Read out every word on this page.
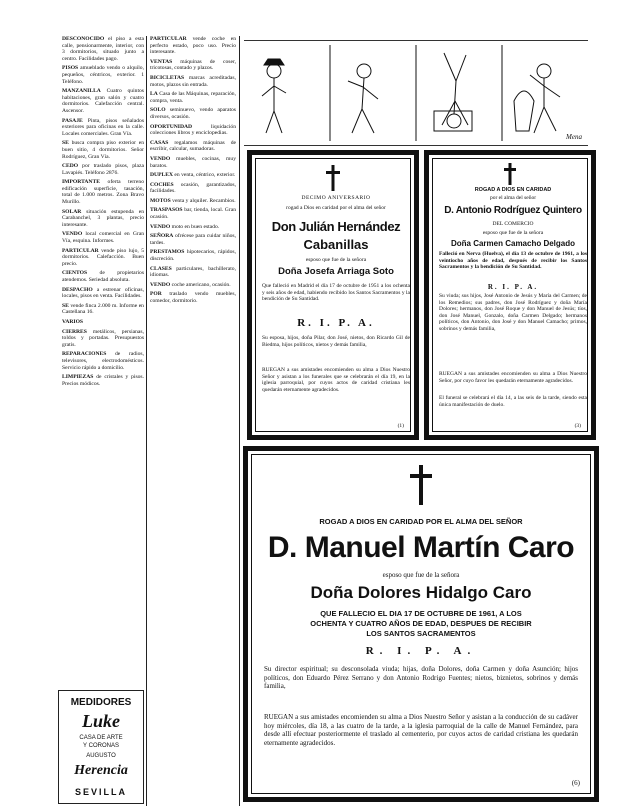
DESCONOCIDO el piso a esta calle, pensionarmente, interior, con 3 dormitorios, situado junto a centro. Facilidades pago.

PISOS amueblado vendo o alquilo, pequeños, céntricos, exterior. 1 Teléfono.

MANZANILLA Cuatro quintos habitaciones, gran salón y cuatro dormitorios. Calefacción central. Ascensor.

PASAJE Pinta, pisos señalados exteriores para oficinas en la calle. Locales comerciales. Gran Vía.

SE busca compra piso exterior en buen sitio, 4 dormitorios. Señor Rodríguez, Gran Vía.

CEDO por traslado pisos, plaza Lavapiés. Teléfono 2876.

IMPORTANTE oferta terreno edificación superficie, tasación, total de 1.000 metros. Zona Bravo Murillo.

SOLAR situación estupenda en Carabanchel, 3 plantas, precio interesante.

VENDO local comercial en Gran Vía, esquina. Informes.

PARTICULAR vende piso lujo, 5 dormitorios. Calefacción. Buen precio.

CIENTOS de propietarios atendemos. Seriedad absoluta.

DESPACHO a estrenar oficinas, locales, pisos en venta. Facilidades.

SE vende finca 2.000 m. Informe en Castellana 16.

VARIOS

CIERRES metálicos, persianas, toldos y portadas. Presupuestos gratis.

REPARACIONES de radios, televisores, electrodomésticos. Servicio rápido a domicilio.

LIMPIEZAS de cristales y pisos. Precios módicos.

PARTICULAR vende coche en perfecto estado, poco uso. Precio interesante.

VENTAS máquinas de coser, tricotosas, contado y plazos.

BICICLETAS marcas acreditadas, motos, plazos sin entrada.

LA Casa de las Máquinas, reparación, compra, venta.

SOLO seminuevo, vendo aparatos diversos, ocasión.

OPORTUNIDAD	liquidación colecciones libros y enciclopedias.

CASAS regalamos máquinas de escribir, calcular, sumadoras.

VENDO muebles, cocinas, muy baratos.

DUPLEX en venta, céntrico, exterior.

COCHES ocasión, garantizados, facilidades.

MOTOS venta y alquiler. Recambios.

TRASPASOS bar, tienda, local. Gran ocasión.

VENDO moto en buen estado.

SEÑORA ofrécese para cuidar niños, tardes.

PRESTAMOS hipotecarios, rápidos, discreción.

CLASES particulares, bachillerato, idiomas.

VENDO coche americano, ocasión.

POR traslado vendo muebles, comedor, dormitorio.

MEDIDORES
Luke
CASA DE ARTE
Y CORONAS
AUGUSTO
Herencia
SEVILLA
Mena
DECIMO ANIVERSARIO
rogad a Dios en caridad por el alma del señor
Don Julián Hernández
Cabanillas
esposo que fue de la señora
Doña Josefa Arriaga Soto
Que falleció en Madrid el día 17 de octubre de 1951 a los ochenta y seis años de edad, habiendo recibido los Santos Sacramentos y la bendición de Su Santidad.
R. I. P. A.
Su esposa, hijos, doña Pilar, don José, nietos, don Ricardo Gil de Biedma, hijos políticos, nietos y demás familia,
RUEGAN a sus amistades encomienden su alma a Dios Nuestro Señor y asistan a los funerales que se celebrarán el día 19, en la iglesia parroquial, por cuyos actos de caridad cristiana les quedarán eternamente agradecidos.
(1)
ROGAD A DIOS EN CARIDAD
por el alma del señor
D. Antonio Rodríguez Quintero
DEL COMERCIO
esposo que fue de la señora
Doña Carmen Camacho Delgado
Falleció en Nerva (Huelva), el día 13 de octubre de 1961, a los veintiocho años de edad, después de recibir los Santos Sacramentos y la bendición de Su Santidad.
R. I. P. A.
Su viuda; sus hijos, José Antonio de Jesús y María del Carmen; de los Remedios; sus padres, don José Rodríguez y doña María Dolores; hermanos, don José Roque y don Manuel de Jesús; tíos, don José Manuel, Gonzalo, doña Carmen Delgado; hermanos políticos, don Antonio, don José y don Manuel Camacho; primos, sobrinos y demás familia,
RUEGAN a sus amistades encomienden su alma a Dios Nuestro Señor, por cuyo favor les quedarán eternamente agradecidos.
El funeral se celebrará el día 14, a las seis de la tarde, siendo esta única manifestación de duelo.
(3)
ROGAD A DIOS EN CARIDAD POR EL ALMA DEL SEÑOR
D. Manuel Martín Caro
esposo que fue de la señora
Doña Dolores Hidalgo Caro
QUE FALLECIO EL DIA 17 DE OCTUBRE DE 1961, A LOS
OCHENTA Y CUATRO AÑOS DE EDAD, DESPUES DE RECIBIR
LOS SANTOS SACRAMENTOS
R. I. P. A.
Su director espiritual; su desconsolada viuda; hijas, doña Dolores, doña Carmen y doña Asunción; hijos políticos, don Eduardo Pérez Serrano y don Antonio Rodrigo Fuentes; nietos, biznietos, sobrinos y demás familia,
RUEGAN a sus amistades encomienden su alma a Dios Nuestro Señor y asistan a la conducción de su cadáver hoy miércoles, día 18, a las cuatro de la tarde, a la iglesia parroquial de la calle de Manuel Fernández, para desde allí efectuar posteriormente el traslado al cementerio, por cuyos actos de caridad cristiana les quedarán eternamente agradecidos.
(6)
